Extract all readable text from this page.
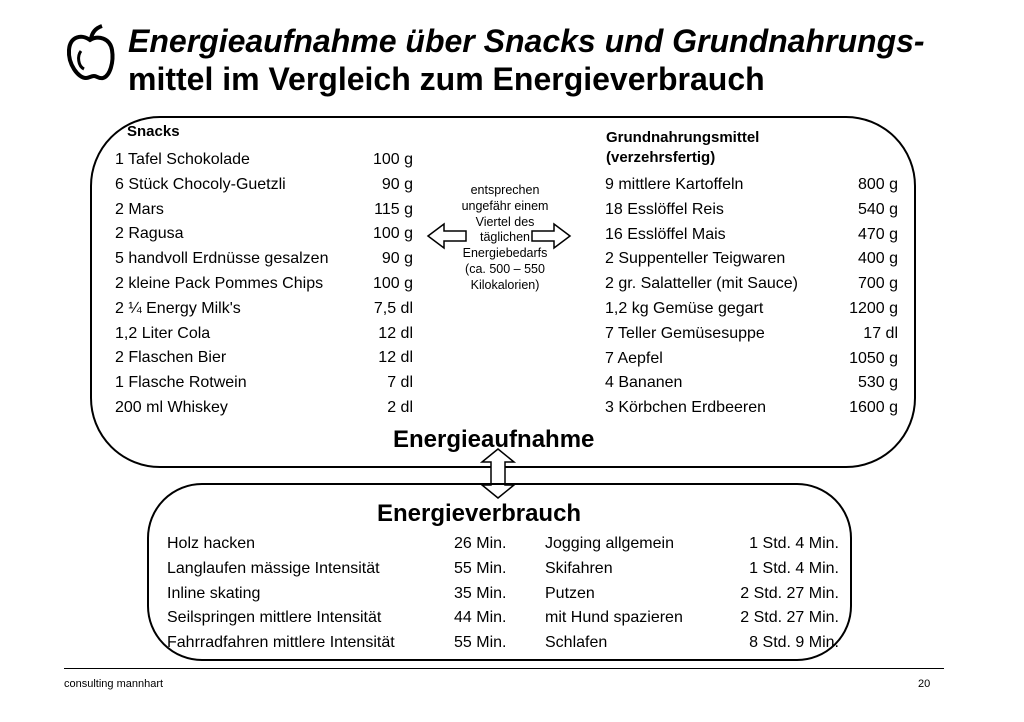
Energieaufnahme über Snacks und Grundnahrungs-
mittel im Vergleich zum Energieverbrauch
Snacks
1 Tafel Schokolade	100 g
6 Stück Chocoly-Guetzli	90 g
2 Mars	115 g
2 Ragusa	100 g
5 handvoll Erdnüsse gesalzen	90 g
2 kleine Pack Pommes Chips	100 g
2 ¼ Energy Milk's	7,5 dl
1,2 Liter Cola	12 dl
2 Flaschen Bier	12 dl
1 Flasche Rotwein	7 dl
200 ml Whiskey	2 dl
entsprechen
ungefähr einem
Viertel des
täglichen
Energiebedarfs
(ca. 500 – 550
Kilokalorien)
Grundnahrungsmittel
(verzehrsfertig)
9 mittlere Kartoffeln	800 g
18 Esslöffel Reis	540 g
16 Esslöffel Mais	470 g
2 Suppenteller Teigwaren	400 g
2 gr. Salatteller (mit Sauce)	700 g
1,2 kg Gemüse gegart	1200 g
7 Teller Gemüsesuppe	17 dl
7 Aepfel	1050 g
4 Bananen	530 g
3 Körbchen Erdbeeren	1600 g
Energieaufnahme
Energieverbrauch
Holz hacken	26 Min.
Langlaufen mässige Intensität	55 Min.
Inline skating	35 Min.
Seilspringen mittlere Intensität	44 Min.
Fahrradfahren mittlere Intensität	55 Min.
Jogging allgemein	1 Std. 4 Min.
Skifahren	1 Std. 4 Min.
Putzen	2 Std. 27 Min.
mit Hund spazieren	2 Std. 27 Min.
Schlafen	8 Std. 9 Min.
consulting mannhart	20
